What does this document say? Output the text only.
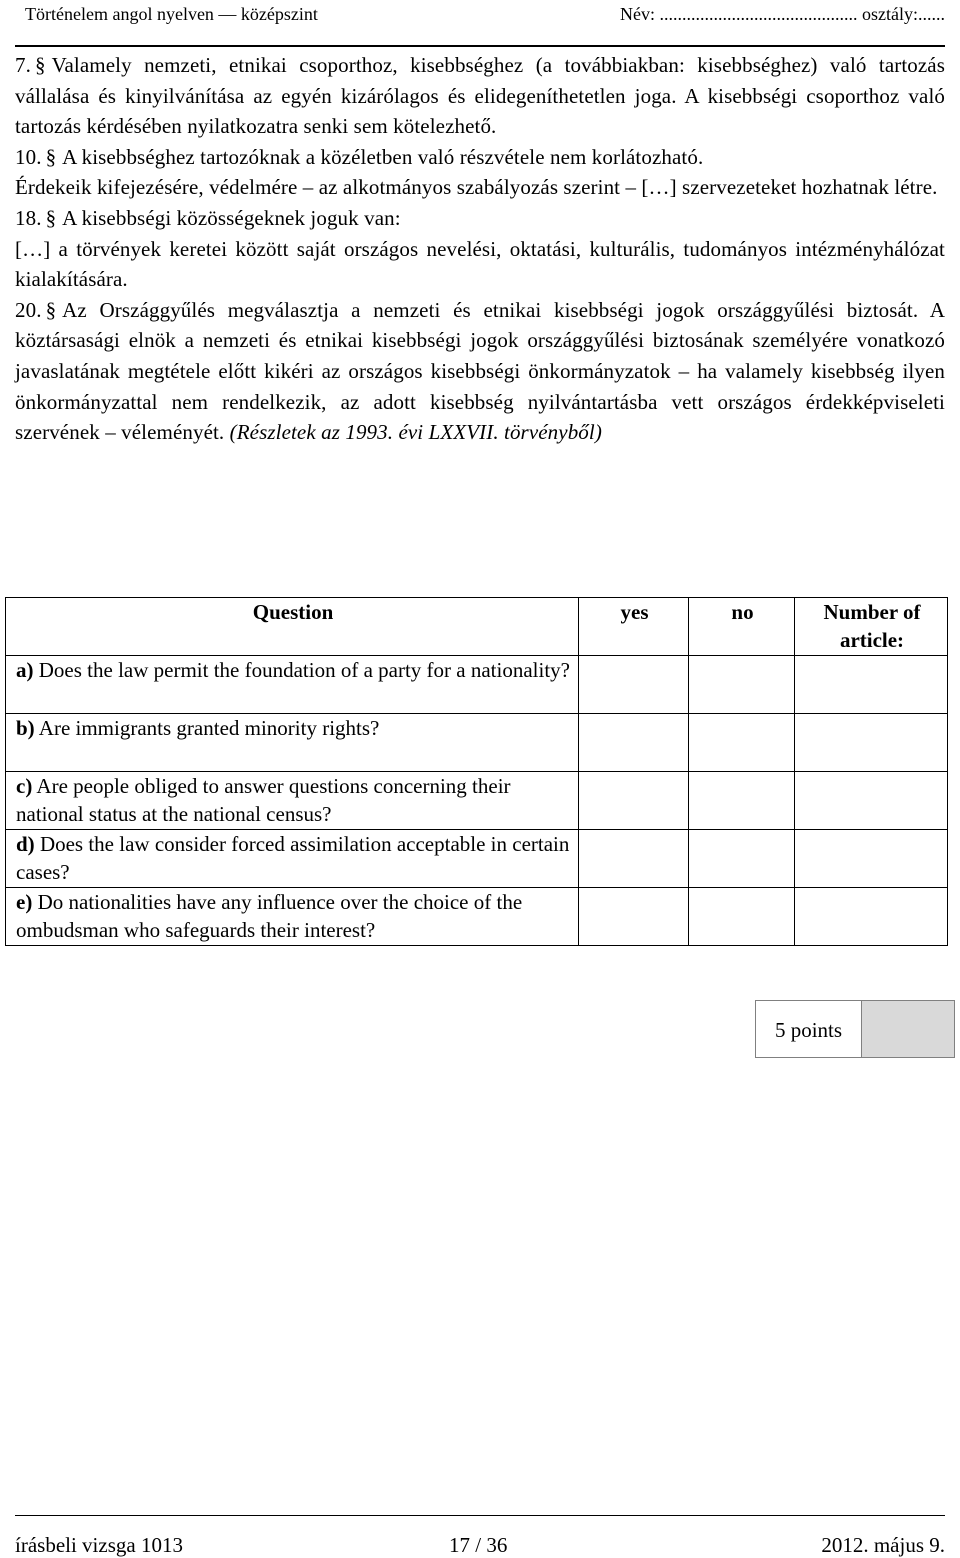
Történelem angol nyelven — középszint	Név: ............................................ osztály:......

7. § Valamely nemzeti, etnikai csoporthoz, kisebbséghez (a továbbiakban: kisebbséghez) való tartozás vállalása és kinyilvánítása az egyén kizárólagos és elidegeníthetetlen joga. A kisebbségi csoporthoz való tartozás kérdésében nyilatkozatra senki sem kötelezhető.

10. § A kisebbséghez tartozóknak a közéletben való részvétele nem korlátozható.

Érdekeik kifejezésére, védelmére – az alkotmányos szabályozás szerint – […] szervezeteket hozhatnak létre.

18. § A kisebbségi közösségeknek joguk van:

[…] a törvények keretei között saját országos nevelési, oktatási, kulturális, tudományos intézményhálózat kialakítására.

20. § Az Országgyűlés megválasztja a nemzeti és etnikai kisebbségi jogok országgyűlési biztosát. A köztársasági elnök a nemzeti és etnikai kisebbségi jogok országgyűlési biztosának személyére vonatkozó javaslatának megtétele előtt kikéri az országos kisebbségi önkormányzatok – ha valamely kisebbség ilyen önkormányzattal nem rendelkezik, az adott kisebbség nyilvántartásba vett országos érdekképviseleti szervének – véleményét. (Részletek az 1993. évi LXXVII. törvényből)

Question	yes	no	Number of article:
a) Does the law permit the foundation of a party for a nationality?			
b) Are immigrants granted minority rights?			
c) Are people obliged to answer questions concerning their national status at the national census?			
d) Does the law consider forced assimilation acceptable in certain cases?			
e) Do nationalities have any influence over the choice of the ombudsman who safeguards their interest?			
5 points
írásbeli vizsga 1013	17 / 36	2012. május 9.
